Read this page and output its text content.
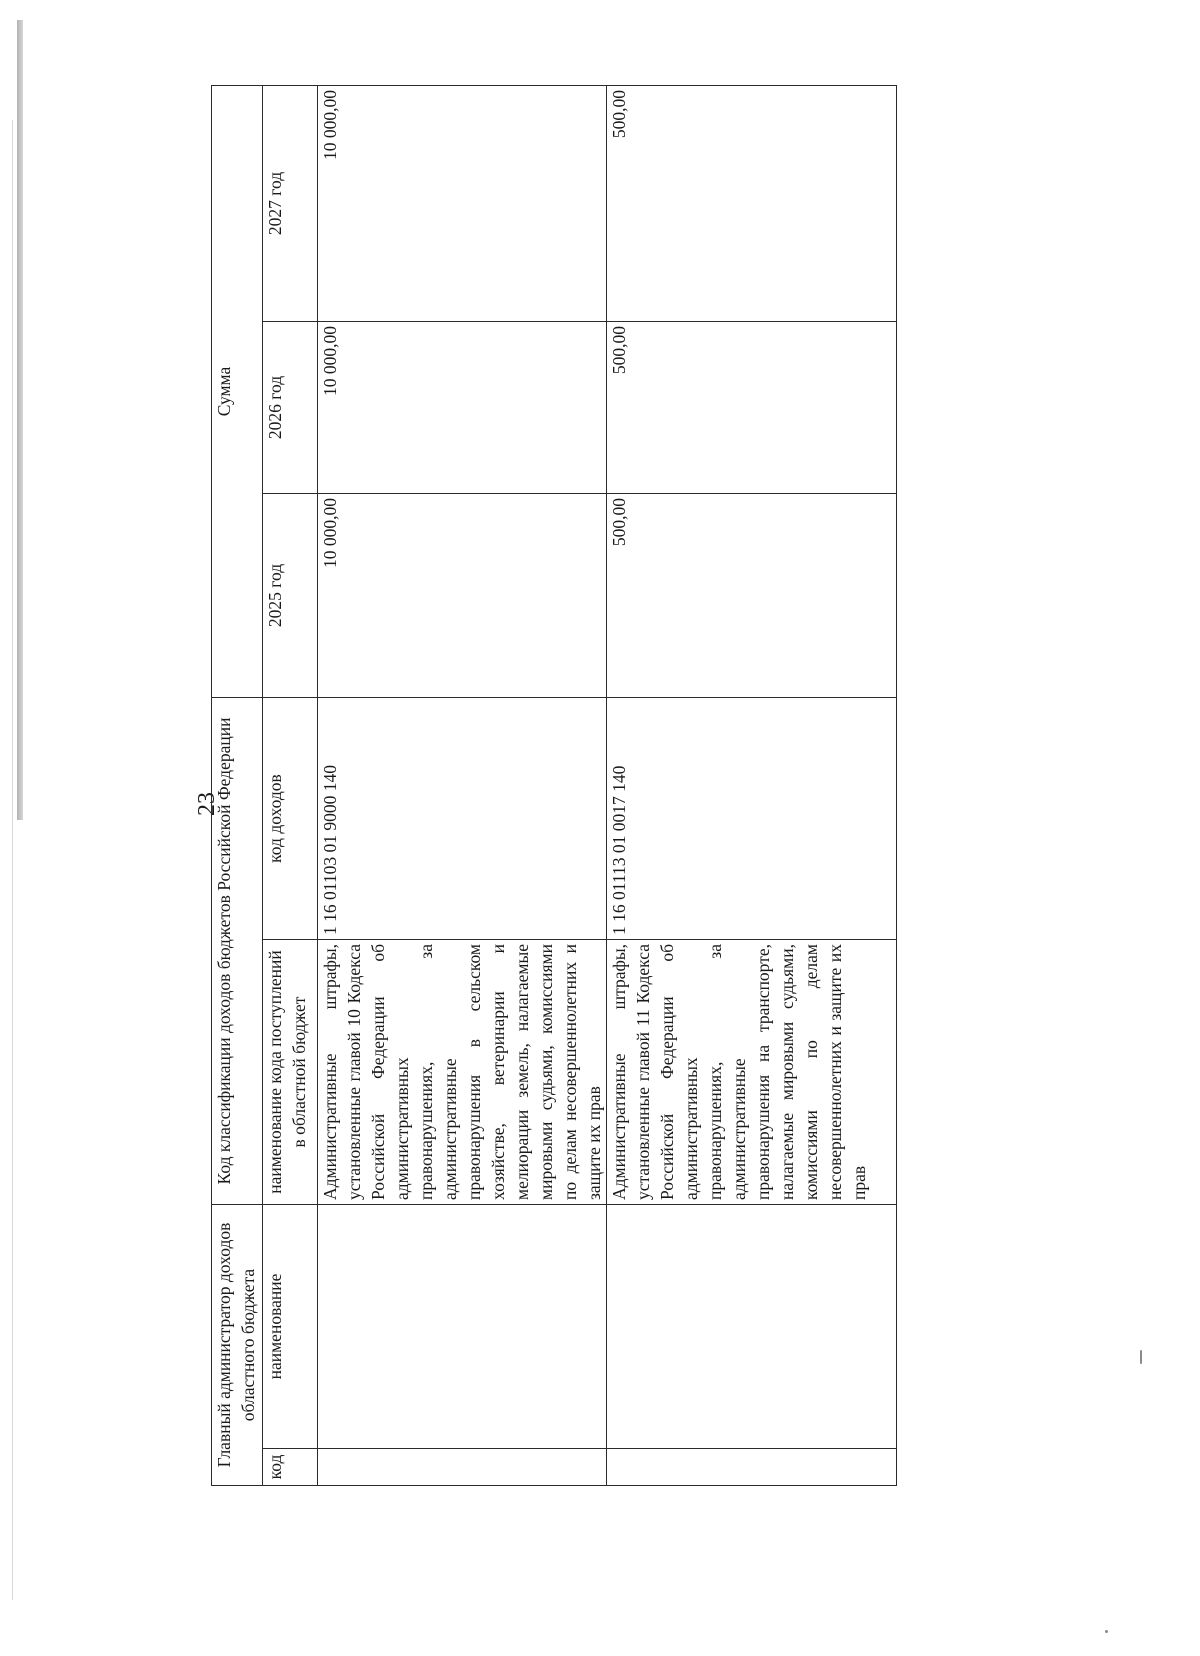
23
Главный администратор доходов областного бюджета		Код классификации доходов бюджетов Российской Федерации		Сумма		
код	наименование	наименование кода поступлений в областной бюджет	код доходов	2025 год	2026 год	2027 год
		Административные штрафы, установленные главой 10 Кодекса Российской Федерации об административных правонарушениях, за административные правонарушения в сельском хозяйстве, ветеринарии и мелиорации земель, налагаемые мировыми судьями, комиссиями по делам несовершеннолетних и защите их прав	1 16 01103 01 9000 140	10 000,00	10 000,00	10 000,00
		Административные штрафы, установленные главой 11 Кодекса Российской Федерации об административных правонарушениях, за административные правонарушения на транспорте, налагаемые мировыми судьями, комиссиями по делам несовершеннолетних и защите их прав	1 16 01113 01 0017 140	500,00	500,00	500,00
